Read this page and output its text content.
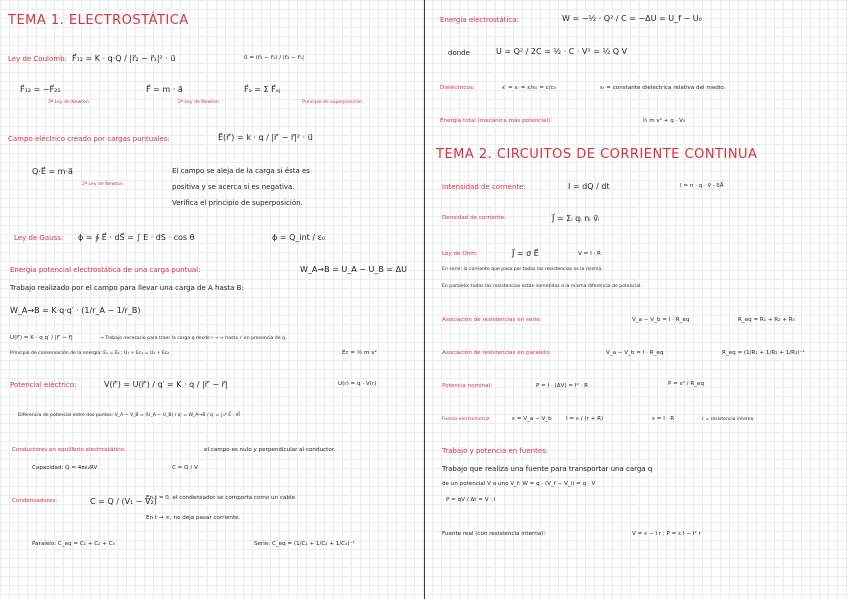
TEMA 1. ELECTROSTÁTICA
Ley de Coulomb: F⃗₁₂ = K · q·Q / |r⃗₂ − r⃗₁|² · u⃗	u⃗ = (r⃗₂ − r⃗₁) / |r⃗₂ − r⃗₁|
F⃗₁₂ = −F⃗₂₁
3ª Ley de Newton
F⃗ = m · a⃗
2ª Ley de Newton
F⃗ₐ = Σ F⃗ₐⱼ
Principio de superposición
Campo eléctrico creado por cargas puntuales:	E⃗(r⃗′) = k · q / |r⃗′ − r⃗|² · u⃗
Q·E⃗ = m·a⃗
2ª Ley de Newton
El campo se aleja de la carga si ésta es
positiva y se acerca si es negativa.
Verifica el principio de superposición.
Ley de Gauss: ϕ = ∮ E⃗ · dS⃗ = ∫ E · dS · cos θ	ϕ = Q_int / ε₀
Energía potencial electrostática de una carga puntual:	W_A→B = U_A − U_B = ΔU
Trabajo realizado por el campo para llevar una carga de A hasta B:
W_A→B = K·q·q′ · (1/r_A − 1/r_B)
U(r⃗′) = K · q q′ / |r⃗′ − r⃗|	→ Trabajo necesario para traer la carga q desde r → ∞ hasta r′ en presencia de q′.
Principio de conservación de la energía: E₁ = E₂ ; U₁ + Ec₁ = U₂ + Ec₂	Ec = ½ m v²
Potencial eléctrico:	V(r⃗′) = U(r⃗′) / q′ = K · q / |r⃗′ − r⃗|	U(r) = q · V(r)
Diferencia de potencial entre dos puntos: V_A − V_B = (U_A − U_B) / q′ = W_A→B / q′ = ∫ₐᵇ E⃗ · dl⃗
Conductores en equilibrio electrostático:	el campo es nulo y perpendicular al conductor.
Capacidad: Q = 4πε₀RV	C = Q / V
Condensadores:	C = Q / (V₁ − V₂)
En t = 0, el condensador se comporta como un cable.
En t → ∞, no deja pasar corriente.
Paralelo: C_eq = C₁ + C₂ + C₃	Serie: C_eq = (1/C₁ + 1/C₂ + 1/C₃)⁻¹
Energía electrostática:	W = −½ · Q² / C = −ΔU = U_f − U₀
donde	U = Q² / 2C = ½ · C · V² = ½ Q V
Dieléctricos:	ε′ = εᵣ = ε/ε₀ = c/c₀	εᵣ = constante dieléctrica relativa del medio.
Energía total (mecánica más potencial):	½ m v² + q · V₀
TEMA 2. CIRCUITOS DE CORRIENTE CONTINUA
Intensidad de corriente:	I = dQ / dt	I = n · q · v⃗ · δA⃗
Densidad de corriente:	J⃗ = Σᵢ qᵢ nᵢ v⃗ᵢ
Ley de Ohm:	J⃗ = σ E⃗	V = I · R
En serie: la corriente que pasa por todas las resistencias es la misma.
En paralelo: todas las resistencias están sometidas a la misma diferencia de potencial.
Asociación de resistencias en serie:	V_a − V_b = I · R_eq	R_eq = R₁ + R₂ + R₃
Asociación de resistencias en paralelo:	V_a − V_b = I · R_eq	R_eq = (1/R₁ + 1/R₂ + 1/R₃)⁻¹
Potencia nominal:	P = I · (ΔV) = I² · R	P = ε² / R_eq
Fuerza electromotriz:	ε = V_a − V_b	I = ε / (r + R)	ε = I · R	r = resistencia interna
Trabajo y potencia en fuentes:
Trabajo que realiza una fuente para transportar una carga q
de un potencial V a uno V_f: W = q · (V_f − V_i) = q · V
P = qV / Δt = V · I
Fuente real (con resistencia interna):	V = ε − I r ; P = ε I − I² r
